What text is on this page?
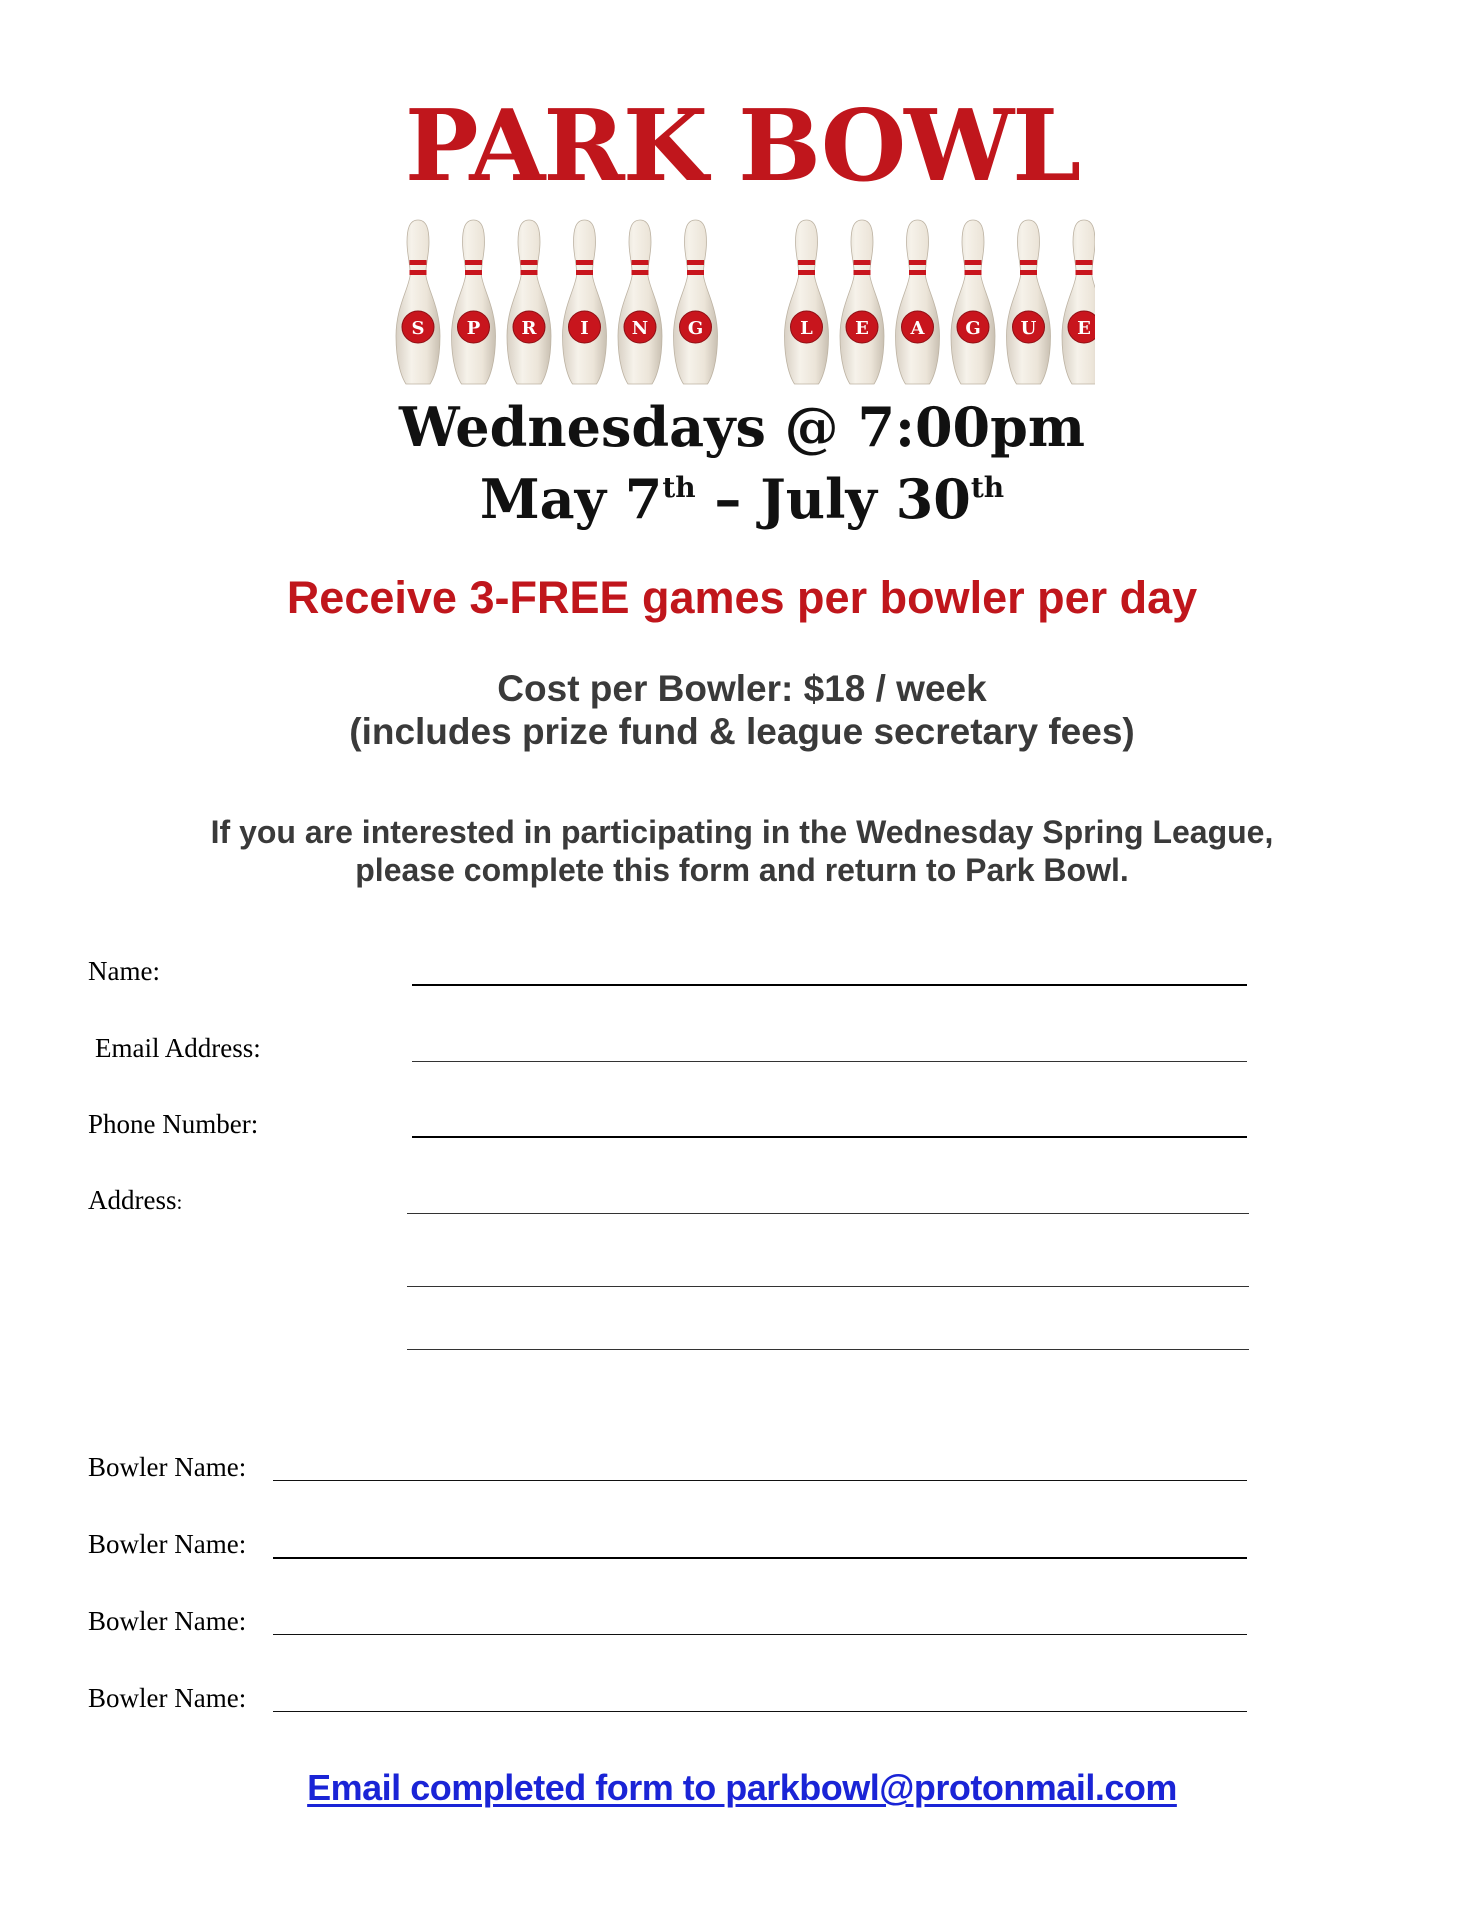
PARK BOWL
S P R I N G	L E A G U E
Wednesdays @ 7:00pm
May 7th – July 30th
Receive 3-FREE games per bowler per day
Cost per Bowler: $18 / week
(includes prize fund & league secretary fees)
If you are interested in participating in the Wednesday Spring League,
please complete this form and return to Park Bowl.
Name:
Email Address:
Phone Number:
Address:
Bowler Name:
Bowler Name:
Bowler Name:
Bowler Name:
Email completed form to parkbowl@protonmail.com
